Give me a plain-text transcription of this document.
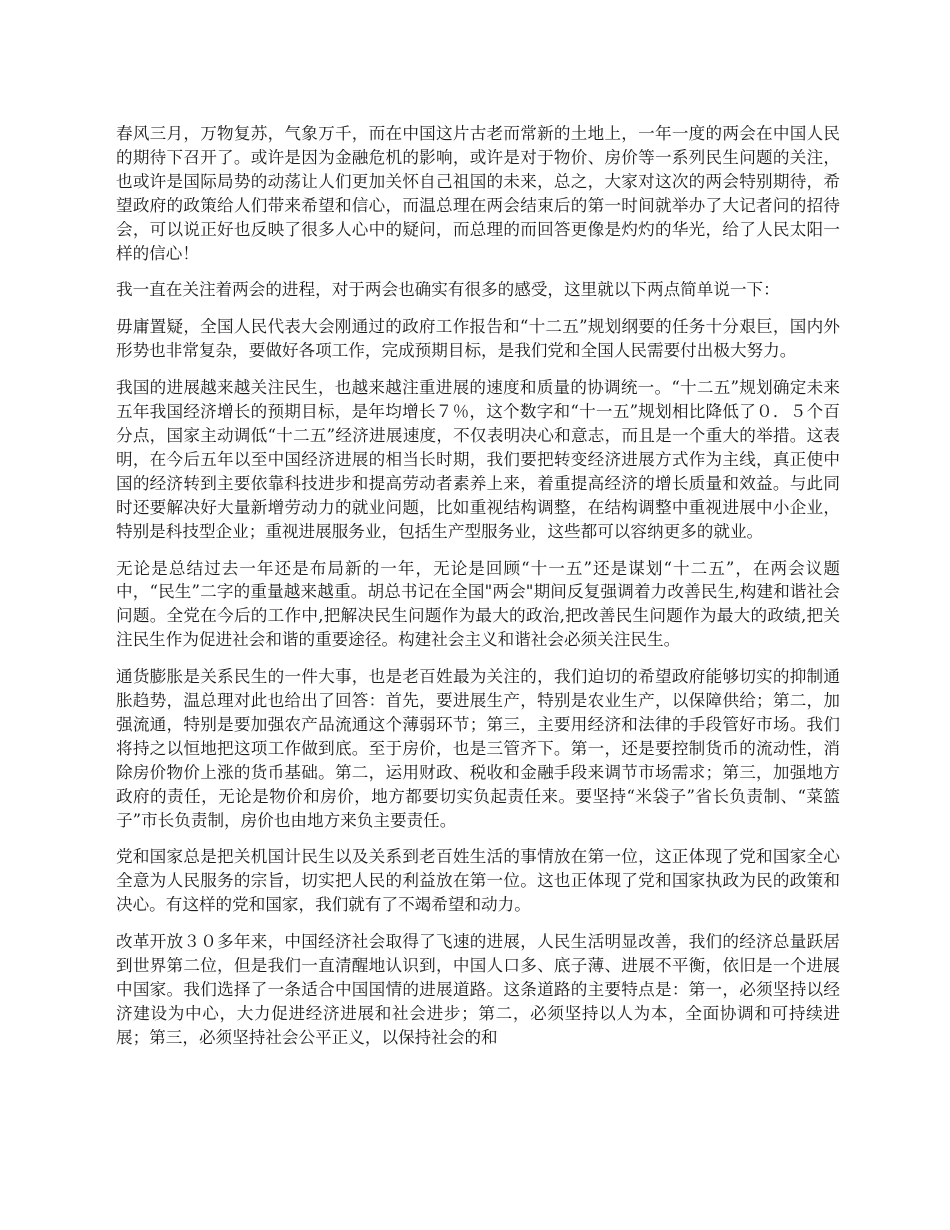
春风三月，万物复苏，气象万千，而在中国这片古老而常新的土地上，一年一度的两会在中国人民的期待下召开了。或许是因为金融危机的影响，或许是对于物价、房价等一系列民生问题的关注，也或许是国际局势的动荡让人们更加关怀自己祖国的未来，总之，大家对这次的两会特别期待，希望政府的政策给人们带来希望和信心，而温总理在两会结束后的第一时间就举办了大记者问的招待会，可以说正好也反映了很多人心中的疑问，而总理的而回答更像是灼灼的华光，给了人民太阳一样的信心！

我一直在关注着两会的进程，对于两会也确实有很多的感受，这里就以下两点简单说一下：

毋庸置疑，全国人民代表大会刚通过的政府工作报告和“十二五”规划纲要的任务十分艰巨，国内外形势也非常复杂，要做好各项工作，完成预期目标，是我们党和全国人民需要付出极大努力。

我国的进展越来越关注民生，也越来越注重进展的速度和质量的协调统一。“十二五”规划确定未来五年我国经济增长的预期目标，是年均增长７％，这个数字和“十一五”规划相比降低了０．５个百分点，国家主动调低“十二五”经济进展速度，不仅表明决心和意志，而且是一个重大的举措。这表明，在今后五年以至中国经济进展的相当长时期，我们要把转变经济进展方式作为主线，真正使中国的经济转到主要依靠科技进步和提高劳动者素养上来，着重提高经济的增长质量和效益。与此同时还要解决好大量新增劳动力的就业问题，比如重视结构调整，在结构调整中重视进展中小企业，特别是科技型企业；重视进展服务业，包括生产型服务业，这些都可以容纳更多的就业。

无论是总结过去一年还是布局新的一年，无论是回顾“十一五”还是谋划“十二五”，在两会议题中，“民生”二字的重量越来越重。胡总书记在全国"两会"期间反复强调着力改善民生,构建和谐社会问题。全党在今后的工作中,把解决民生问题作为最大的政治,把改善民生问题作为最大的政绩,把关注民生作为促进社会和谐的重要途径。构建社会主义和谐社会必须关注民生。

通货膨胀是关系民生的一件大事，也是老百姓最为关注的，我们迫切的希望政府能够切实的抑制通胀趋势，温总理对此也给出了回答：首先，要进展生产，特别是农业生产，以保障供给；第二，加强流通，特别是要加强农产品流通这个薄弱环节；第三，主要用经济和法律的手段管好市场。我们将持之以恒地把这项工作做到底。至于房价，也是三管齐下。第一，还是要控制货币的流动性，消除房价物价上涨的货币基础。第二，运用财政、税收和金融手段来调节市场需求；第三，加强地方政府的责任，无论是物价和房价，地方都要切实负起责任来。要坚持“米袋子”省长负责制、“菜篮子”市长负责制，房价也由地方来负主要责任。

党和国家总是把关机国计民生以及关系到老百姓生活的事情放在第一位，这正体现了党和国家全心全意为人民服务的宗旨，切实把人民的利益放在第一位。这也正体现了党和国家执政为民的政策和决心。有这样的党和国家，我们就有了不竭希望和动力。

改革开放３０多年来，中国经济社会取得了飞速的进展，人民生活明显改善，我们的经济总量跃居到世界第二位，但是我们一直清醒地认识到，中国人口多、底子薄、进展不平衡，依旧是一个进展中国家。我们选择了一条适合中国国情的进展道路。这条道路的主要特点是：第一，必须坚持以经济建设为中心，大力促进经济进展和社会进步；第二，必须坚持以人为本，全面协调和可持续进展；第三，必须坚持社会公平正义，以保持社会的和
